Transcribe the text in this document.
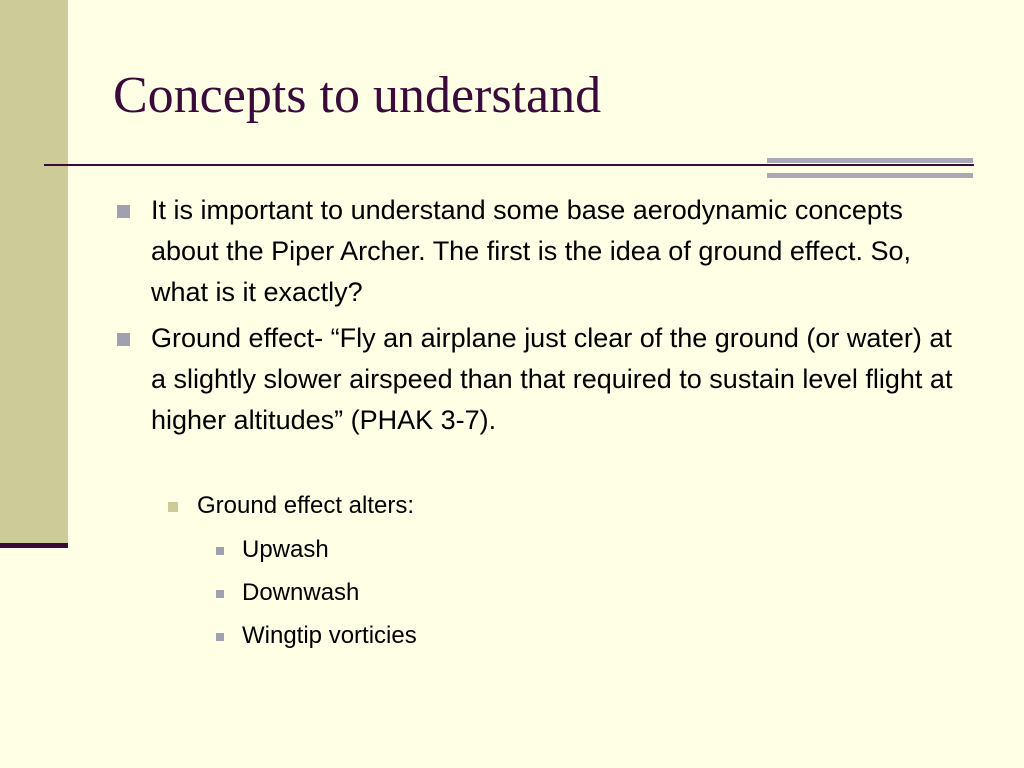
Concepts to understand
It is important to understand some base aerodynamic concepts about the Piper Archer. The first is the idea of ground effect. So, what is it exactly?
Ground effect- “Fly an airplane just clear of the ground (or water) at a slightly slower airspeed than that required to sustain level flight at higher altitudes” (PHAK 3-7).
Ground effect alters:
Upwash
Downwash
Wingtip vorticies
